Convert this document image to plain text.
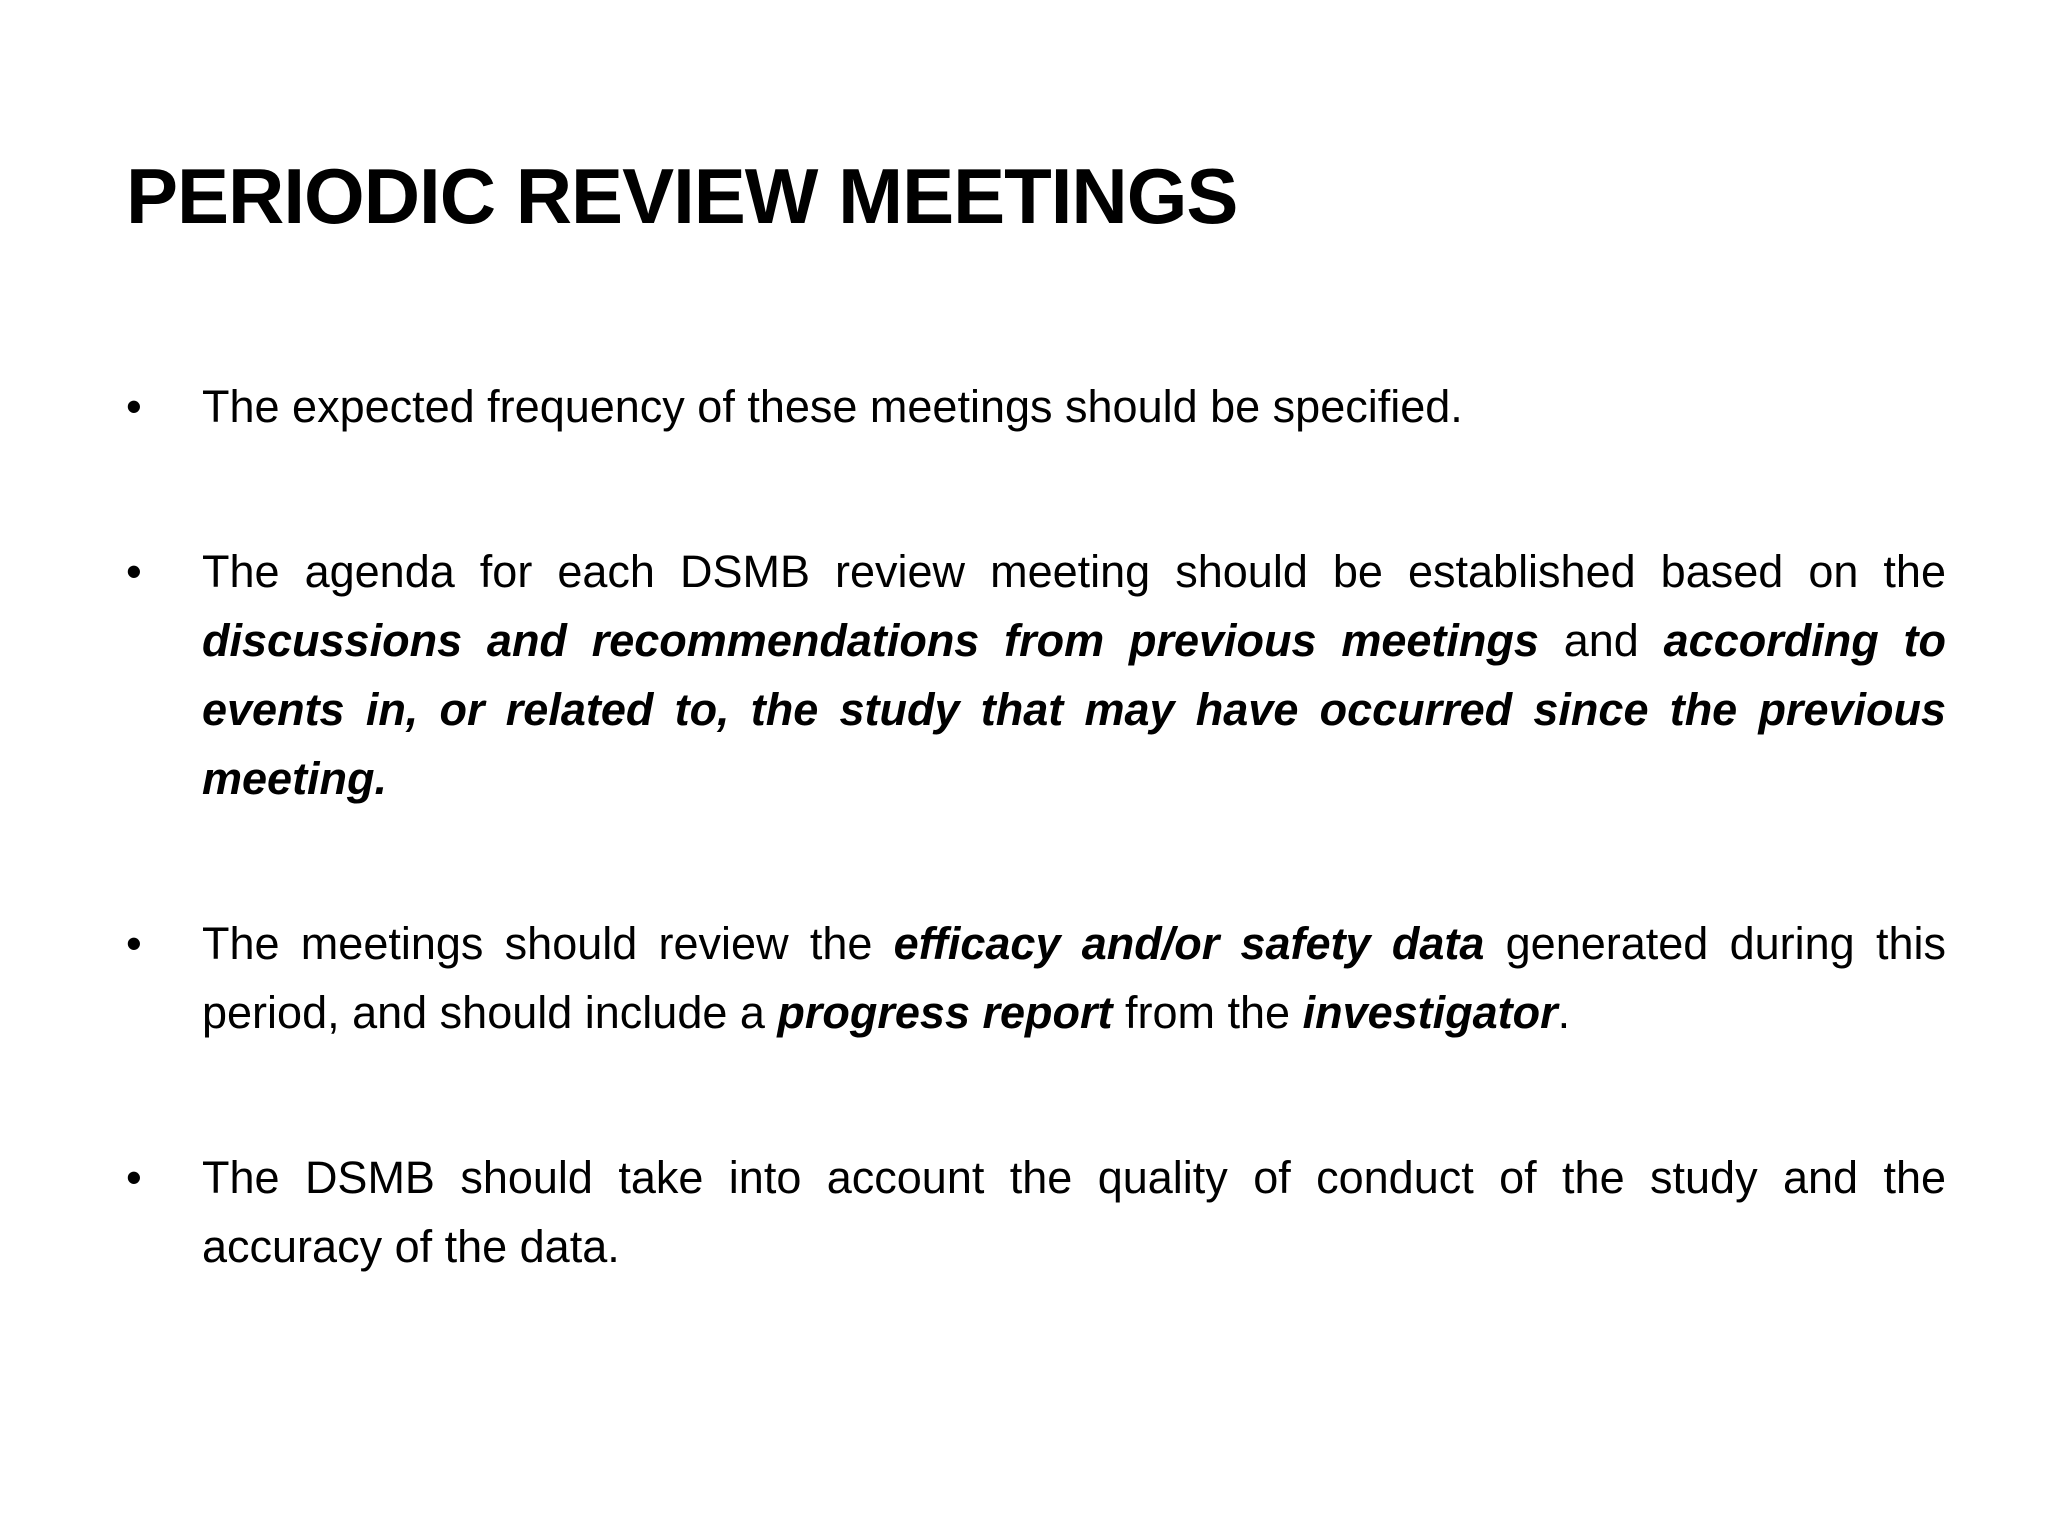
PERIODIC REVIEW MEETINGS
•	The expected frequency of these meetings should be specified.
•	The agenda for each DSMB review meeting should be established based on the discussions and recommendations from previous meetings and according to events in, or related to, the study that may have occurred since the previous meeting.
•	The meetings should review the efficacy and/or safety data generated during this period, and should include a progress report from the investigator.
•	The DSMB should take into account the quality of conduct of the study and the accuracy of the data.
